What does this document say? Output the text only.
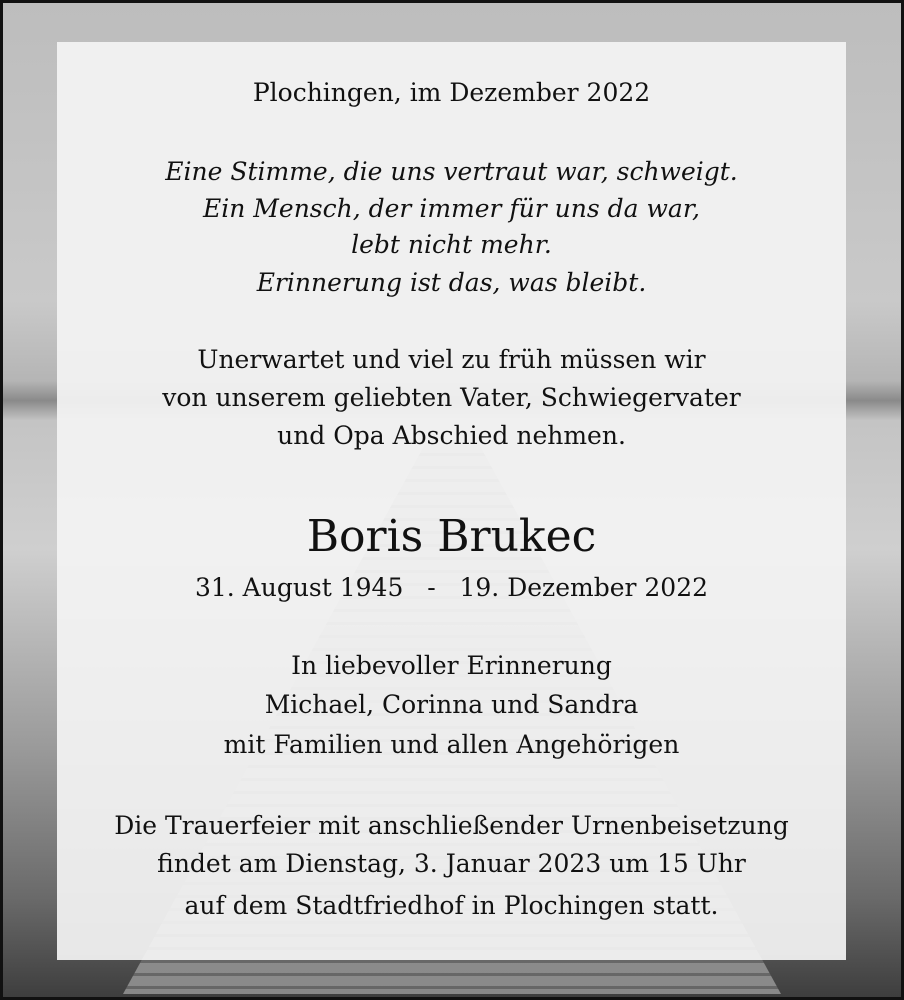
Plochingen, im Dezember 2022
Eine Stimme, die uns vertraut war, schweigt.
Ein Mensch, der immer für uns da war,
lebt nicht mehr.
Erinnerung ist das, was bleibt.
Unerwartet und viel zu früh müssen wir
von unserem geliebten Vater, Schwiegervater
und Opa Abschied nehmen.
Boris Brukec
31. August 1945   -   19. Dezember 2022
In liebevoller Erinnerung
Michael, Corinna und Sandra
mit Familien und allen Angehörigen
Die Trauerfeier mit anschließender Urnenbeisetzung
findet am Dienstag, 3. Januar 2023 um 15 Uhr
auf dem Stadtfriedhof in Plochingen statt.
